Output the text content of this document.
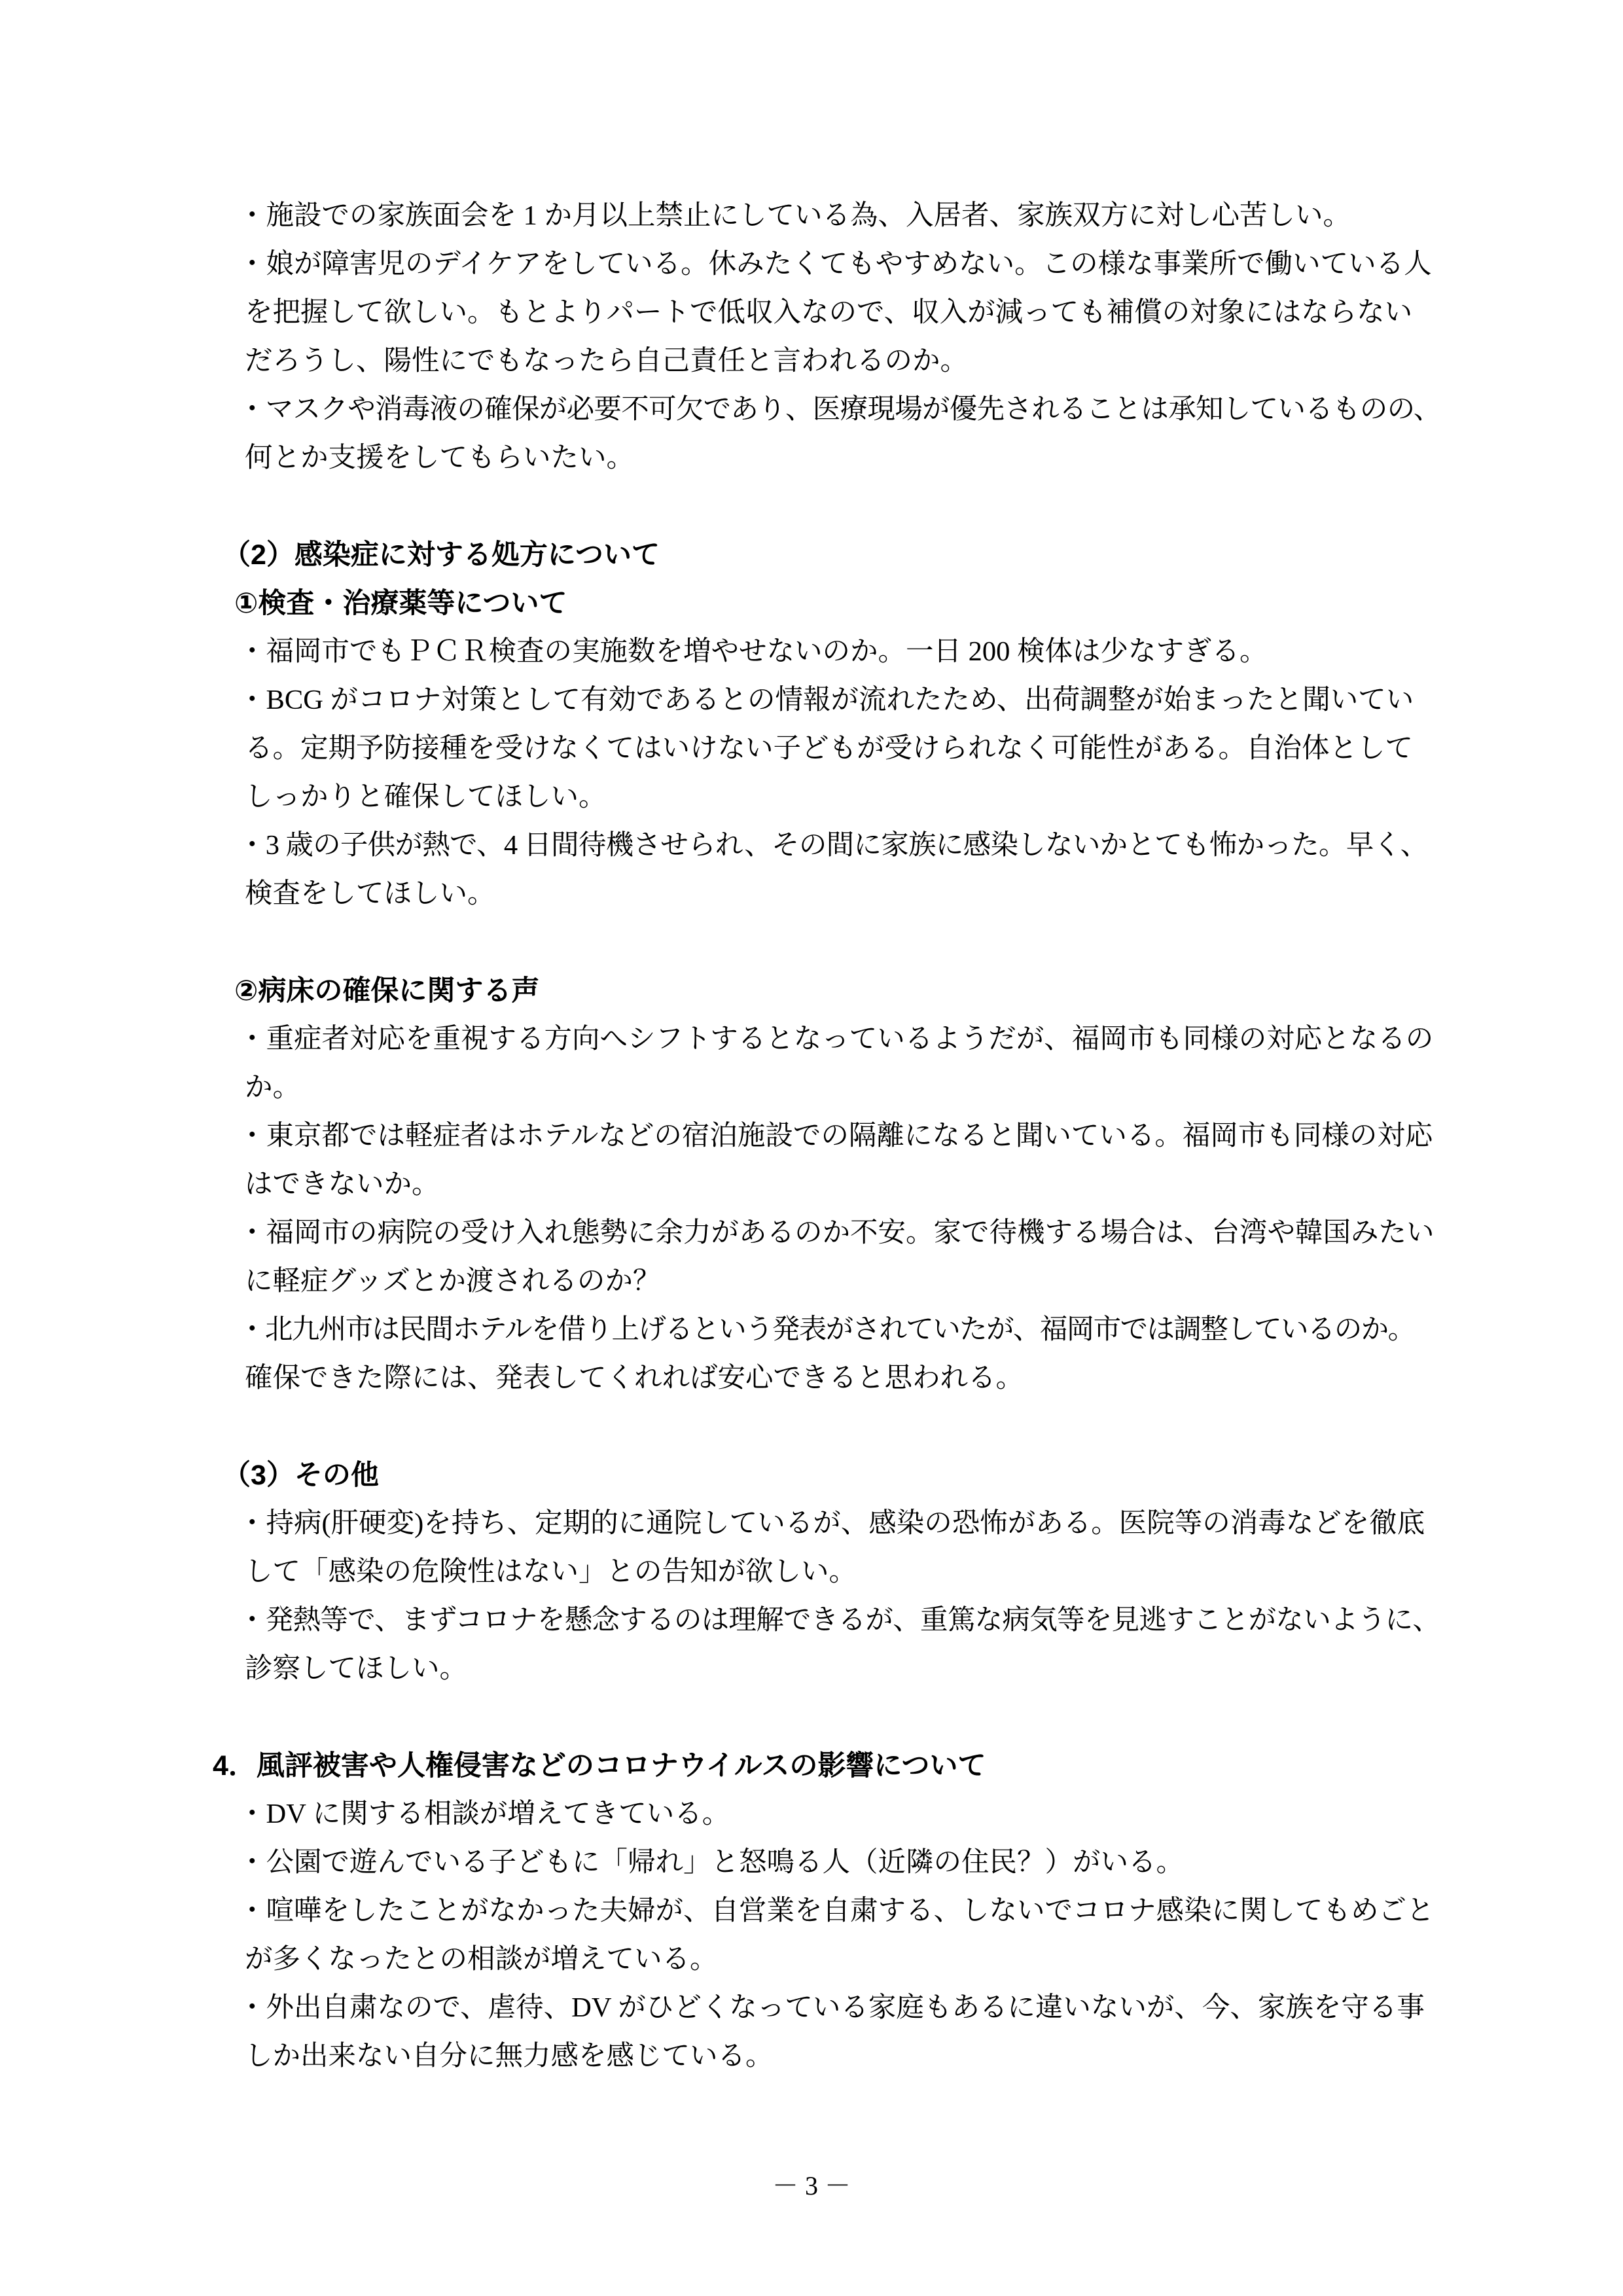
・施設での家族面会を 1 か月以上禁止にしている為、入居者、家族双方に対し心苦しい。
・娘が障害児のデイケアをしている。休みたくてもやすめない。この様な事業所で働いている人
を把握して欲しい。もとよりパートで低収入なので、収入が減っても補償の対象にはならない
だろうし、陽性にでもなったら自己責任と言われるのか。
・マスクや消毒液の確保が必要不可欠であり、医療現場が優先されることは承知しているものの、
何とか支援をしてもらいたい。
（2）感染症に対する処方について
①検査・治療薬等について
・福岡市でもＰＣＲ検査の実施数を増やせないのか。一日 200 検体は少なすぎる。
・BCG がコロナ対策として有効であるとの情報が流れたため、出荷調整が始まったと聞いてい
る。定期予防接種を受けなくてはいけない子どもが受けられなく可能性がある。自治体として
しっかりと確保してほしい。
・3 歳の子供が熱で、4 日間待機させられ、その間に家族に感染しないかとても怖かった。早く、
検査をしてほしい。
②病床の確保に関する声
・重症者対応を重視する方向へシフトするとなっているようだが、福岡市も同様の対応となるの
か。
・東京都では軽症者はホテルなどの宿泊施設での隔離になると聞いている。福岡市も同様の対応
はできないか。
・福岡市の病院の受け入れ態勢に余力があるのか不安。家で待機する場合は、台湾や韓国みたい
に軽症グッズとか渡されるのか？
・北九州市は民間ホテルを借り上げるという発表がされていたが、福岡市では調整しているのか。
確保できた際には、発表してくれれば安心できると思われる。
（3）その他
・持病(肝硬変)を持ち、定期的に通院しているが、感染の恐怖がある。医院等の消毒などを徹底
して「感染の危険性はない」との告知が欲しい。
・発熱等で、まずコロナを懸念するのは理解できるが、重篤な病気等を見逃すことがないように、
診察してほしい。
4．風評被害や人権侵害などのコロナウイルスの影響について
・DV に関する相談が増えてきている。
・公園で遊んでいる子どもに「帰れ」と怒鳴る人（近隣の住民？）がいる。
・喧嘩をしたことがなかった夫婦が、自営業を自粛する、しないでコロナ感染に関してもめごと
が多くなったとの相談が増えている。
・外出自粛なので、虐待、DV がひどくなっている家庭もあるに違いないが、今、家族を守る事
しか出来ない自分に無力感を感じている。
－ 3 －
